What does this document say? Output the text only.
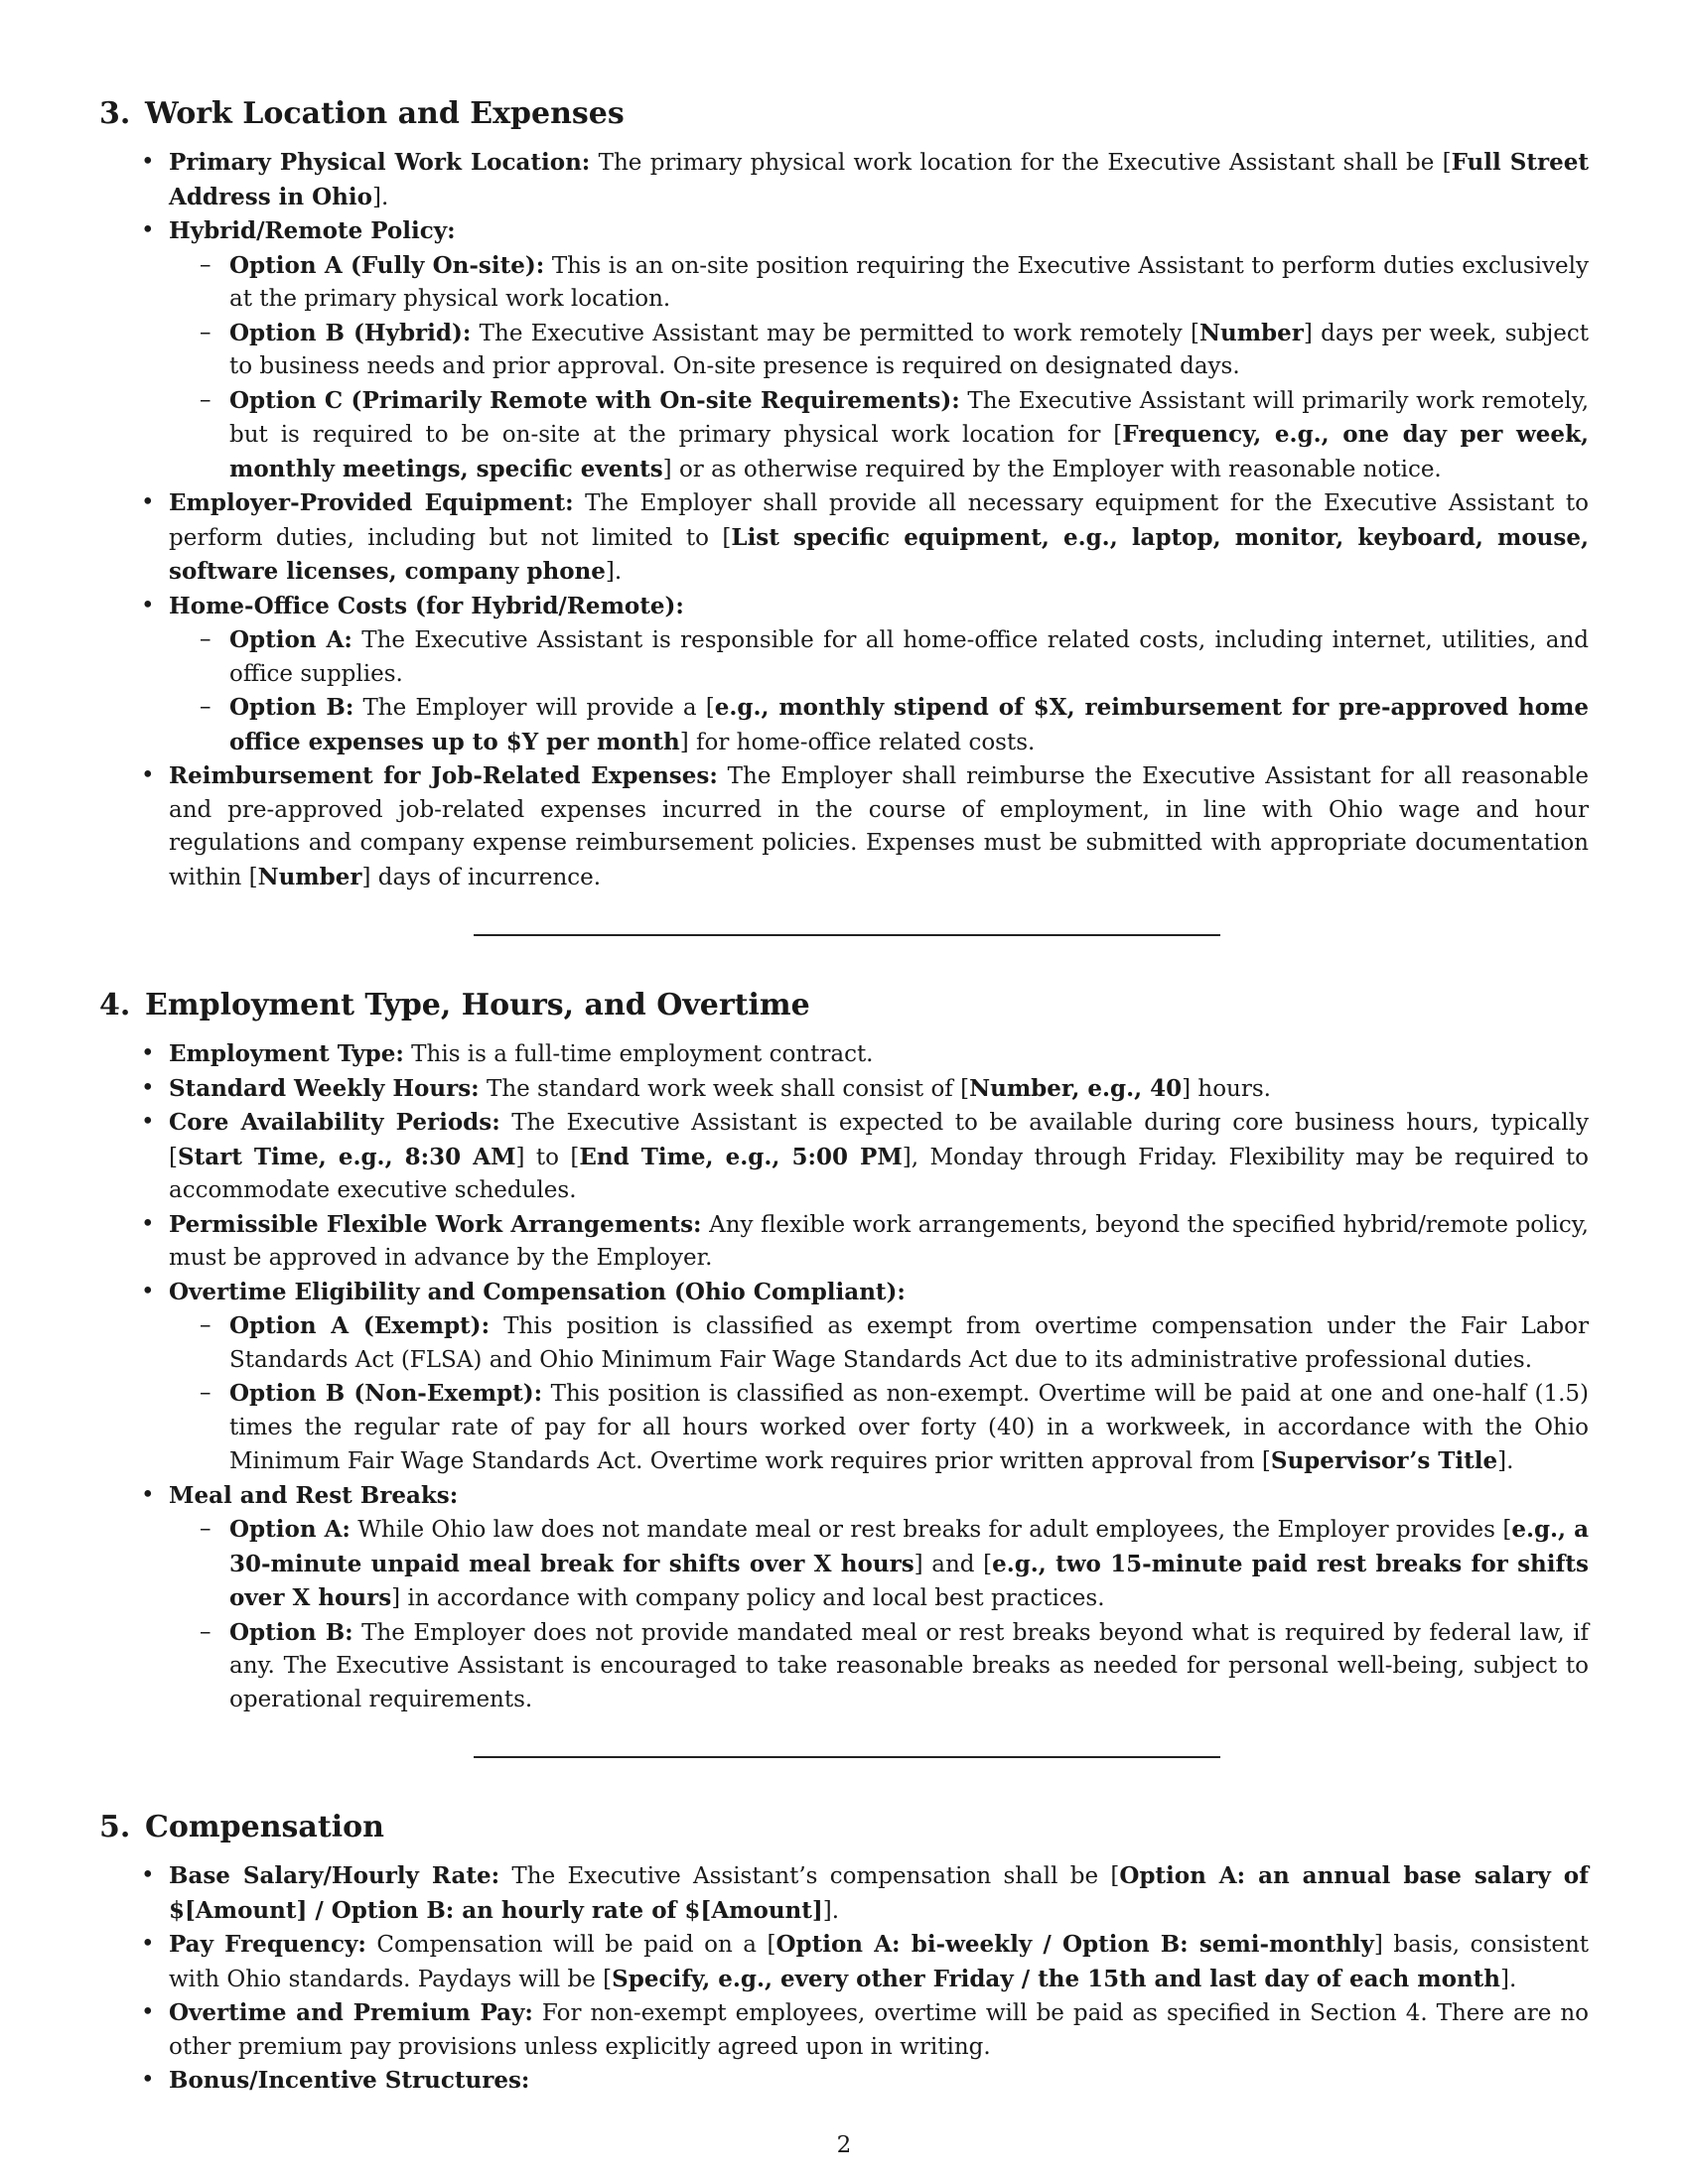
3. Work Location and Expenses
• Primary Physical Work Location: The primary physical work location for the Executive Assistant shall be [Full Street Address in Ohio].
• Hybrid/Remote Policy:
– Option A (Fully On-site): This is an on-site position requiring the Executive Assistant to perform duties exclusively at the primary physical work location.
– Option B (Hybrid): The Executive Assistant may be permitted to work remotely [Number] days per week, subject to business needs and prior approval. On-site presence is required on designated days.
– Option C (Primarily Remote with On-site Requirements): The Executive Assistant will primarily work remotely, but is required to be on-site at the primary physical work location for [Frequency, e.g., one day per week, monthly meetings, specific events] or as otherwise required by the Employer with reasonable notice.
• Employer-Provided Equipment: The Employer shall provide all necessary equipment for the Executive Assistant to perform duties, including but not limited to [List specific equipment, e.g., laptop, monitor, keyboard, mouse, software licenses, company phone].
• Home-Office Costs (for Hybrid/Remote):
– Option A: The Executive Assistant is responsible for all home-office related costs, including internet, utilities, and office supplies.
– Option B: The Employer will provide a [e.g., monthly stipend of $X, reimbursement for pre-approved home office expenses up to $Y per month] for home-office related costs.
• Reimbursement for Job-Related Expenses: The Employer shall reimburse the Executive Assistant for all reasonable and pre-approved job-related expenses incurred in the course of employment, in line with Ohio wage and hour regulations and company expense reimbursement policies. Expenses must be submitted with appropriate documentation within [Number] days of incurrence.
4. Employment Type, Hours, and Overtime
• Employment Type: This is a full-time employment contract.
• Standard Weekly Hours: The standard work week shall consist of [Number, e.g., 40] hours.
• Core Availability Periods: The Executive Assistant is expected to be available during core business hours, typically [Start Time, e.g., 8:30 AM] to [End Time, e.g., 5:00 PM], Monday through Friday. Flexibility may be required to accommodate executive schedules.
• Permissible Flexible Work Arrangements: Any flexible work arrangements, beyond the specified hybrid/remote policy, must be approved in advance by the Employer.
• Overtime Eligibility and Compensation (Ohio Compliant):
– Option A (Exempt): This position is classified as exempt from overtime compensation under the Fair Labor Standards Act (FLSA) and Ohio Minimum Fair Wage Standards Act due to its administrative professional duties.
– Option B (Non-Exempt): This position is classified as non-exempt. Overtime will be paid at one and one-half (1.5) times the regular rate of pay for all hours worked over forty (40) in a workweek, in accordance with the Ohio Minimum Fair Wage Standards Act. Overtime work requires prior written approval from [Supervisor’s Title].
• Meal and Rest Breaks:
– Option A: While Ohio law does not mandate meal or rest breaks for adult employees, the Employer provides [e.g., a 30-minute unpaid meal break for shifts over X hours] and [e.g., two 15-minute paid rest breaks for shifts over X hours] in accordance with company policy and local best practices.
– Option B: The Employer does not provide mandated meal or rest breaks beyond what is required by federal law, if any. The Executive Assistant is encouraged to take reasonable breaks as needed for personal well-being, subject to operational requirements.
5. Compensation
• Base Salary/Hourly Rate: The Executive Assistant’s compensation shall be [Option A: an annual base salary of $[Amount] / Option B: an hourly rate of $[Amount]].
• Pay Frequency: Compensation will be paid on a [Option A: bi-weekly / Option B: semi-monthly] basis, consistent with Ohio standards. Paydays will be [Specify, e.g., every other Friday / the 15th and last day of each month].
• Overtime and Premium Pay: For non-exempt employees, overtime will be paid as specified in Section 4. There are no other premium pay provisions unless explicitly agreed upon in writing.
• Bonus/Incentive Structures:
2
